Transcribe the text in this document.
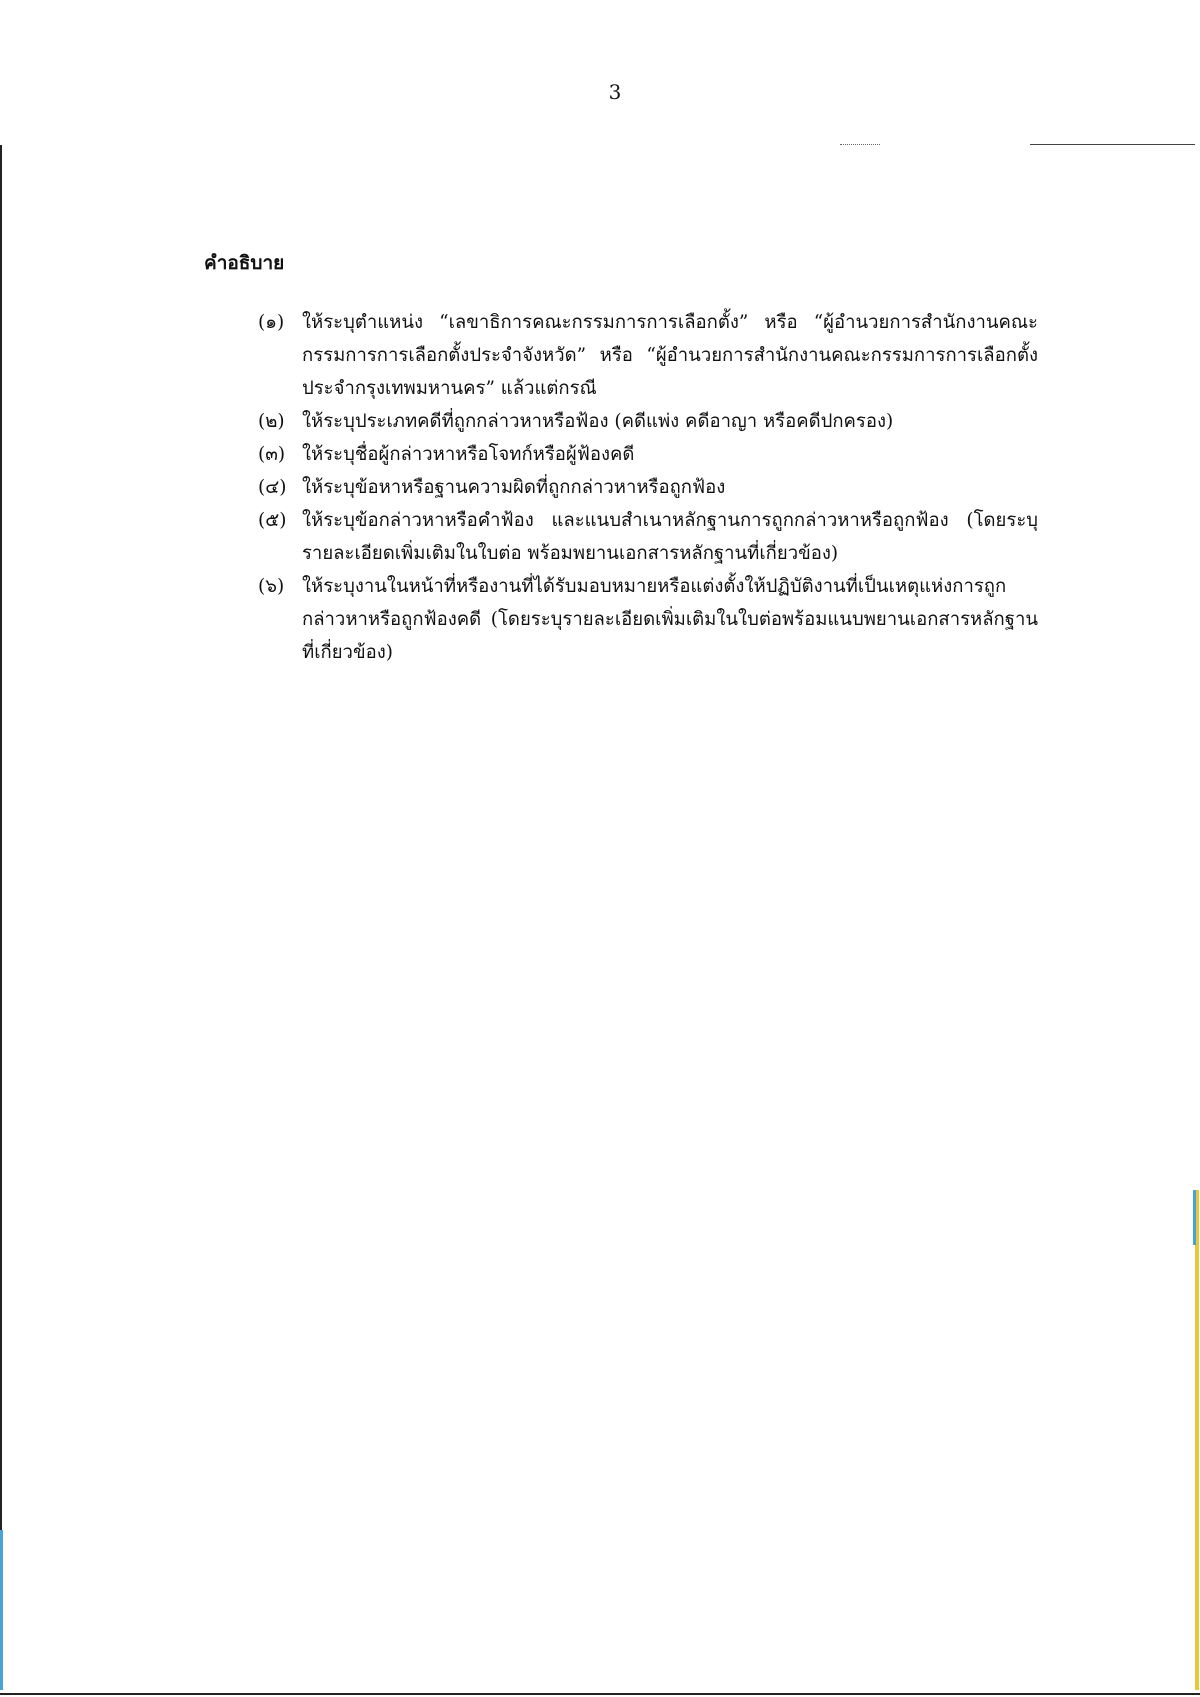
3
คำอธิบาย
(๑) ให้ระบุตำแหน่ง “เลขาธิการคณะกรรมการการเลือกตั้ง” หรือ “ผู้อำนวยการสำนักงานคณะกรรมการการเลือกตั้งประจำจังหวัด” หรือ “ผู้อำนวยการสำนักงานคณะกรรมการการเลือกตั้งประจำกรุงเทพมหานคร” แล้วแต่กรณี
(๒) ให้ระบุประเภทคดีที่ถูกกล่าวหาหรือฟ้อง (คดีแพ่ง คดีอาญา หรือคดีปกครอง)
(๓) ให้ระบุชื่อผู้กล่าวหาหรือโจทก์หรือผู้ฟ้องคดี
(๔) ให้ระบุข้อหาหรือฐานความผิดที่ถูกกล่าวหาหรือถูกฟ้อง
(๕) ให้ระบุข้อกล่าวหาหรือคำฟ้อง และแนบสำเนาหลักฐานการถูกกล่าวหาหรือถูกฟ้อง (โดยระบุรายละเอียดเพิ่มเติมในใบต่อ พร้อมพยานเอกสารหลักฐานที่เกี่ยวข้อง)
(๖) ให้ระบุงานในหน้าที่หรืองานที่ได้รับมอบหมายหรือแต่งตั้งให้ปฏิบัติงานที่เป็นเหตุแห่งการถูกกล่าวหาหรือถูกฟ้องคดี (โดยระบุรายละเอียดเพิ่มเติมในใบต่อพร้อมแนบพยานเอกสารหลักฐานที่เกี่ยวข้อง)
